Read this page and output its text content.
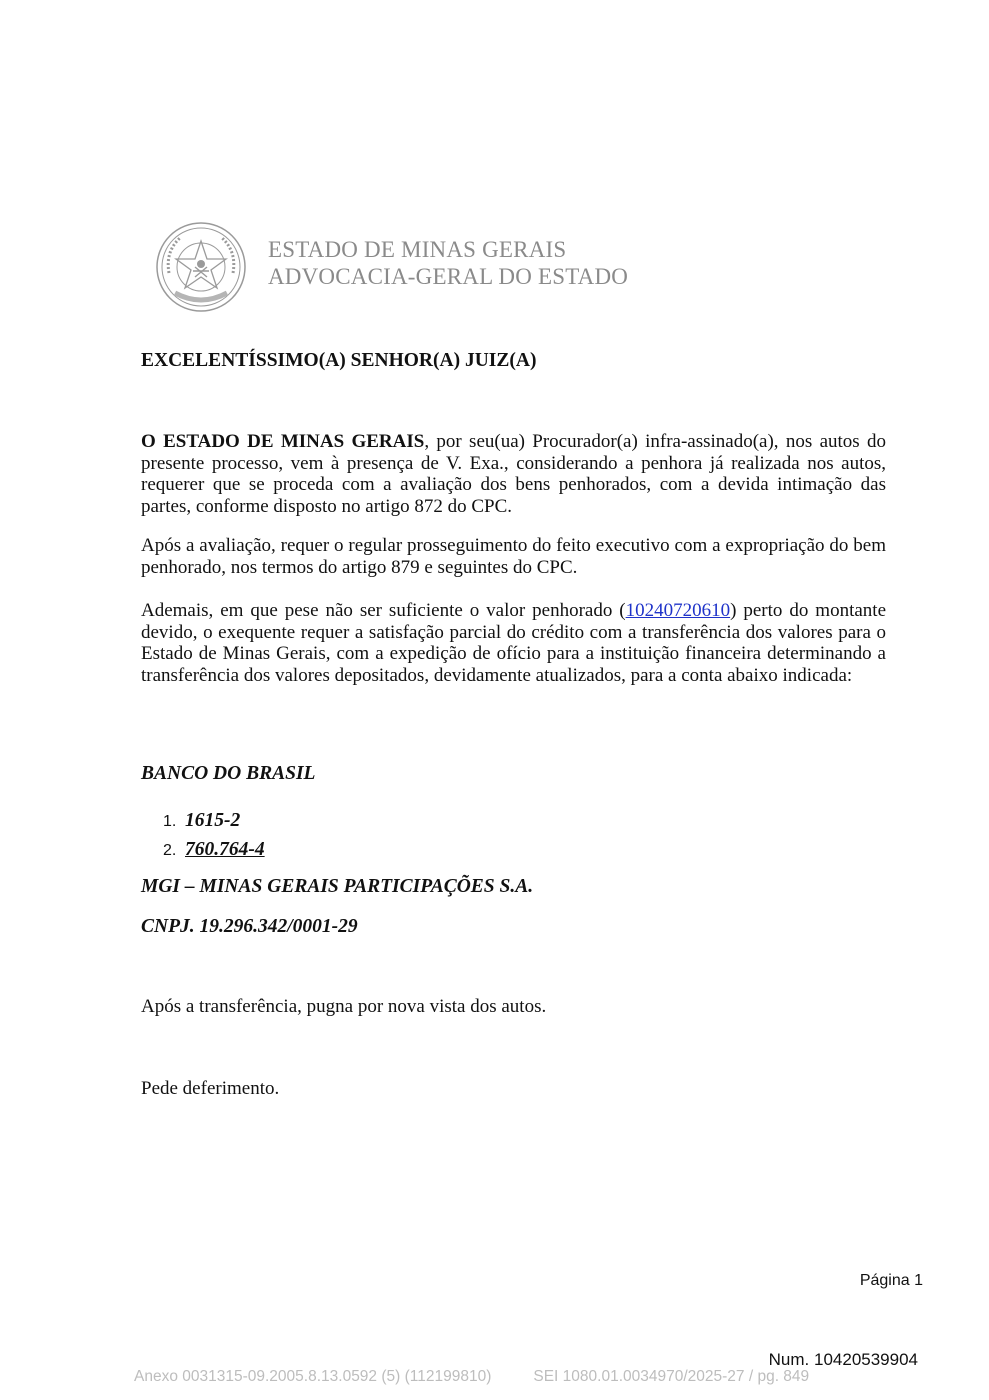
ESTADO DE MINAS GERAIS
ADVOCACIA-GERAL DO ESTADO
EXCELENTÍSSIMO(A) SENHOR(A) JUIZ(A)
O ESTADO DE MINAS GERAIS, por seu(ua) Procurador(a) infra-assinado(a), nos autos do presente processo, vem à presença de V. Exa., considerando a penhora já realizada nos autos, requerer que se proceda com a avaliação dos bens penhorados, com a devida intimação das partes, conforme disposto no artigo 872 do CPC.
Após a avaliação, requer o regular prosseguimento do feito executivo com a expropriação do bem penhorado, nos termos do artigo 879 e seguintes do CPC.
Ademais, em que pese não ser suficiente o valor penhorado (10240720610) perto do montante devido, o exequente requer a satisfação parcial do crédito com a transferência dos valores para o Estado de Minas Gerais, com a expedição de ofício para a instituição financeira determinando a transferência dos valores depositados, devidamente atualizados, para a conta abaixo indicada:
BANCO DO BRASIL
1. 1615-2
2. 760.764-4
MGI – MINAS GERAIS PARTICIPAÇÕES S.A.
CNPJ. 19.296.342/0001-29
Após a transferência, pugna por nova vista dos autos.
Pede deferimento.
Página 1
Num. 10420539904
Anexo 0031315-09.2005.8.13.0592 (5) (112199810)	SEI 1080.01.0034970/2025-27 / pg. 849
